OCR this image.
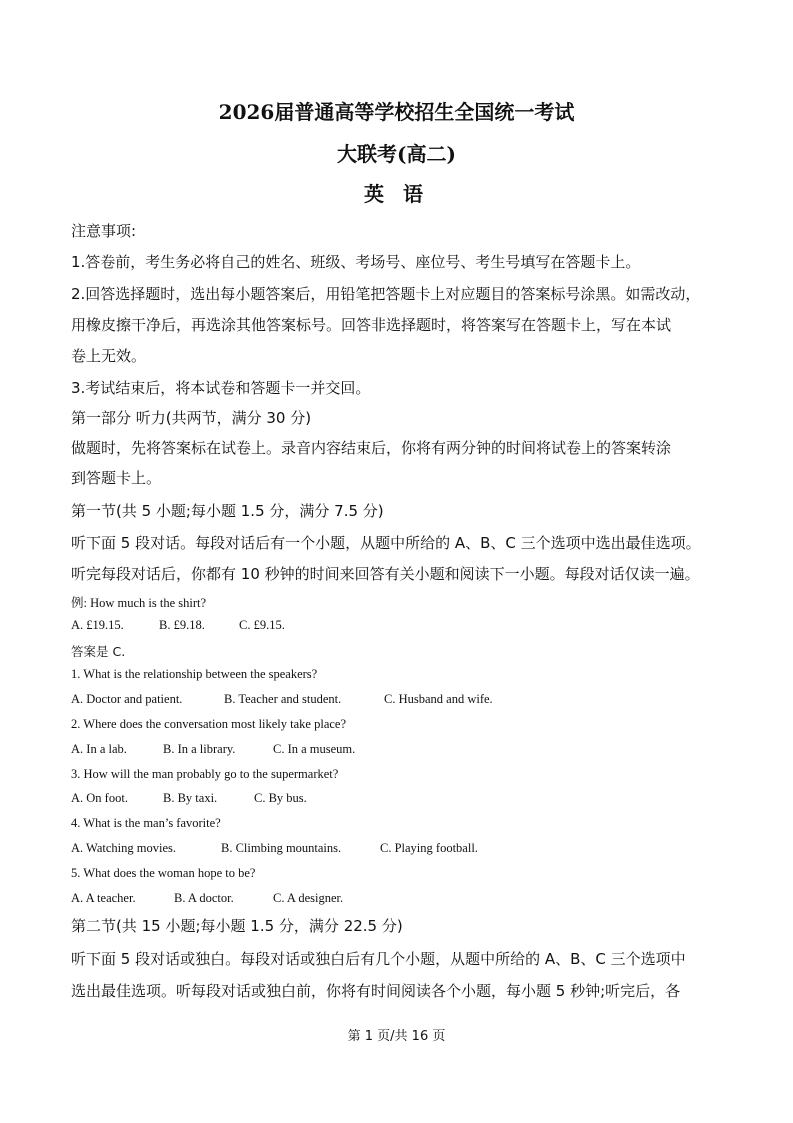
2026届普通高等学校招生全国统一考试
大联考(高二)
英 语
注意事项:
1.答卷前，考生务必将自己的姓名、班级、考场号、座位号、考生号填写在答题卡上。
2.回答选择题时，选出每小题答案后，用铅笔把答题卡上对应题目的答案标号涂黑。如需改动，
用橡皮擦干净后，再选涂其他答案标号。回答非选择题时，将答案写在答题卡上，写在本试
卷上无效。
3.考试结束后，将本试卷和答题卡一并交回。
第一部分 听力(共两节，满分 30 分)
做题时，先将答案标在试卷上。录音内容结束后，你将有两分钟的时间将试卷上的答案转涂
到答题卡上。
第一节(共 5 小题;每小题 1.5 分，满分 7.5 分)
听下面 5 段对话。每段对话后有一个小题，从题中所给的 A、B、C 三个选项中选出最佳选项。
听完每段对话后，你都有 10 秒钟的时间来回答有关小题和阅读下一小题。每段对话仅读一遍。
例: How much is the shirt?
A. £19.15.	B. £9.18.	C. £9.15.
答案是 C.
1. What is the relationship between the speakers?
A. Doctor and patient.	B. Teacher and student.	C. Husband and wife.
2. Where does the conversation most likely take place?
A. In a lab.	B. In a library.	C. In a museum.
3. How will the man probably go to the supermarket?
A. On foot.	B. By taxi.	C. By bus.
4. What is the man’s favorite?
A. Watching movies.	B. Climbing mountains.	C. Playing football.
5. What does the woman hope to be?
A. A teacher.	B. A doctor.	C. A designer.
第二节(共 15 小题;每小题 1.5 分，满分 22.5 分)
听下面 5 段对话或独白。每段对话或独白后有几个小题，从题中所给的 A、B、C 三个选项中
选出最佳选项。听每段对话或独白前，你将有时间阅读各个小题，每小题 5 秒钟;听完后，各
第 1 页/共 16 页
